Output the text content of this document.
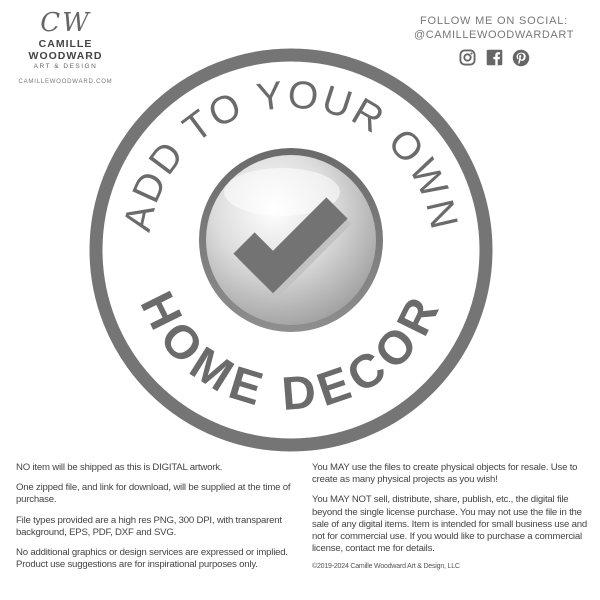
CW
CAMILLE WOODWARD
ART & DESIGN
CAMILLEWOODWARD.COM
FOLLOW ME ON SOCIAL:
@CAMILLEWOODWARDART
ADD TO YOUR OWN
HOME DECOR

NO item will be shipped as this is DIGITAL artwork.

One zipped file, and link for download, will be supplied at the time of purchase.

File types provided are a high res PNG, 300 DPI, with transparent background, EPS, PDF, DXF and SVG.

No additional graphics or design services are expressed or implied. Product use suggestions are for inspirational purposes only.

You MAY use the files to create physical objects for resale. Use to create as many physical projects as you wish!

You MAY NOT sell, distribute, share, publish, etc., the digital file beyond the single license purchase. You may not use the file in the sale of any digital items. Item is intended for small business use and not for commercial use. If you would like to purchase a commercial license, contact me for details.

©2019-2024 Camille Woodward Art & Design, LLC
